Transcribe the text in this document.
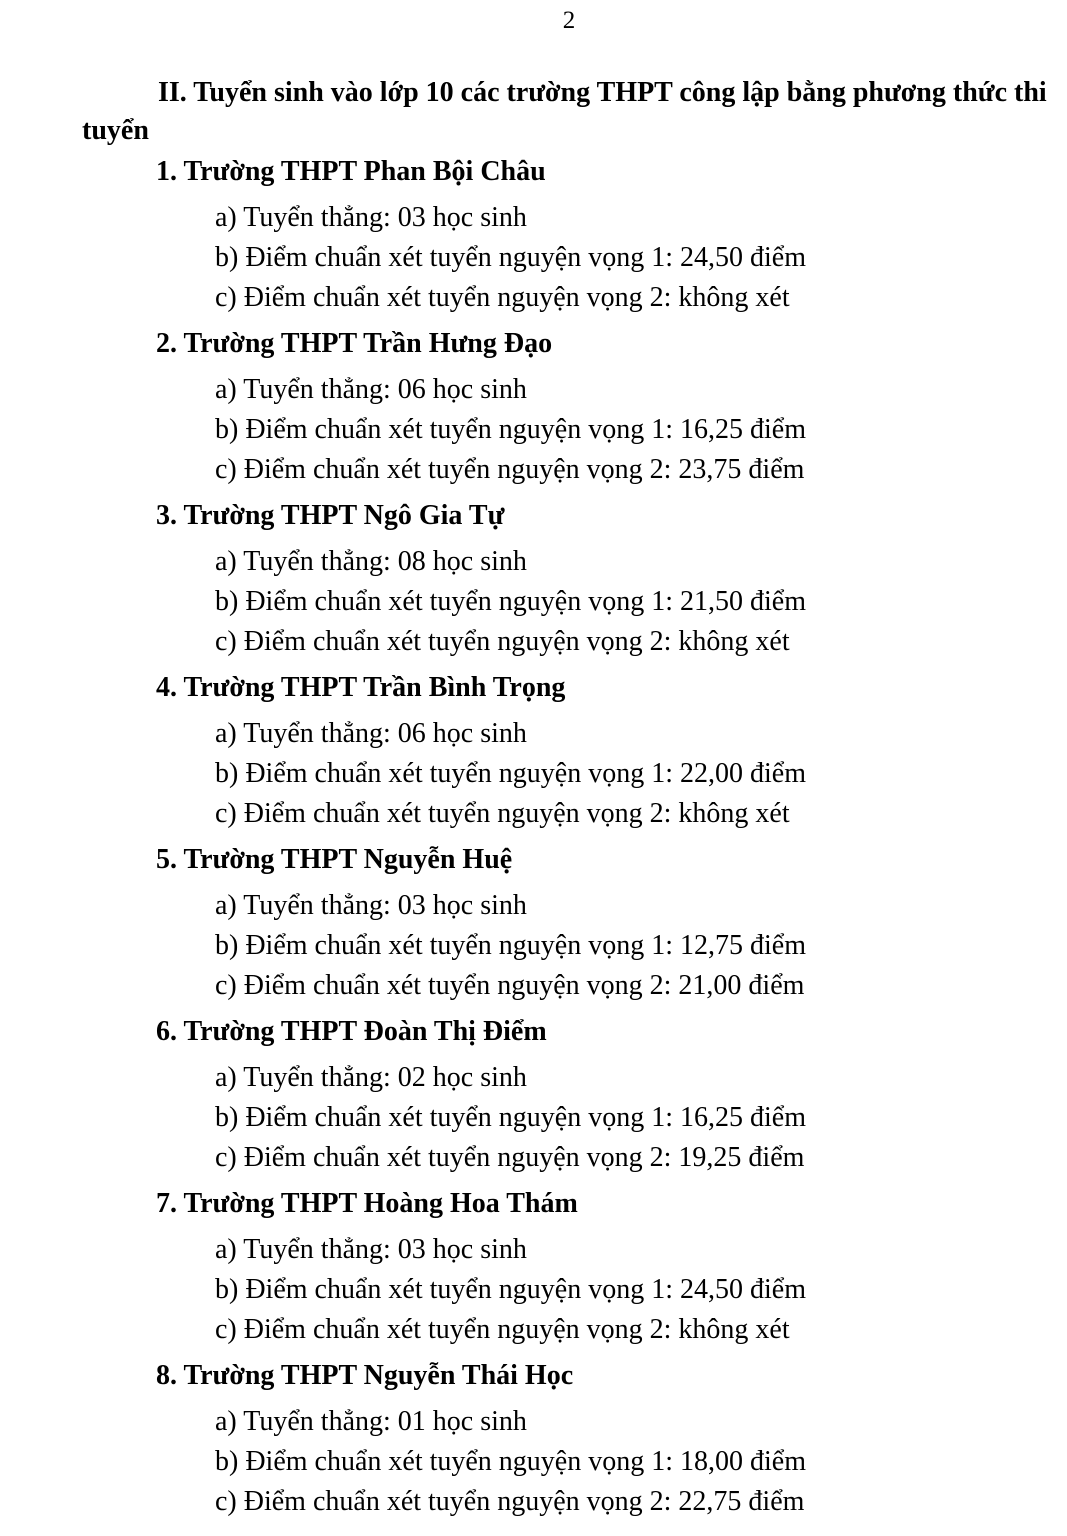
2

II. Tuyển sinh vào lớp 10 các trường THPT công lập bằng phương thức thi tuyển

1. Trường THPT Phan Bội Châu

a) Tuyển thẳng: 03 học sinh

b) Điểm chuẩn xét tuyển nguyện vọng 1: 24,50 điểm

c) Điểm chuẩn xét tuyển nguyện vọng 2: không xét

2. Trường THPT Trần Hưng Đạo

a) Tuyển thẳng: 06 học sinh

b) Điểm chuẩn xét tuyển nguyện vọng 1: 16,25 điểm

c) Điểm chuẩn xét tuyển nguyện vọng 2: 23,75 điểm

3. Trường THPT Ngô Gia Tự

a) Tuyển thẳng: 08 học sinh

b) Điểm chuẩn xét tuyển nguyện vọng 1: 21,50 điểm

c) Điểm chuẩn xét tuyển nguyện vọng 2: không xét

4. Trường THPT Trần Bình Trọng

a) Tuyển thẳng: 06 học sinh

b) Điểm chuẩn xét tuyển nguyện vọng 1: 22,00 điểm

c) Điểm chuẩn xét tuyển nguyện vọng 2: không xét

5. Trường THPT Nguyễn Huệ

a) Tuyển thẳng: 03 học sinh

b) Điểm chuẩn xét tuyển nguyện vọng 1: 12,75 điểm

c) Điểm chuẩn xét tuyển nguyện vọng 2: 21,00 điểm

6. Trường THPT Đoàn Thị Điểm

a) Tuyển thẳng: 02 học sinh

b) Điểm chuẩn xét tuyển nguyện vọng 1: 16,25 điểm

c) Điểm chuẩn xét tuyển nguyện vọng 2: 19,25 điểm

7. Trường THPT Hoàng Hoa Thám

a) Tuyển thẳng: 03 học sinh

b) Điểm chuẩn xét tuyển nguyện vọng 1: 24,50 điểm

c) Điểm chuẩn xét tuyển nguyện vọng 2: không xét

8. Trường THPT Nguyễn Thái Học

a) Tuyển thẳng: 01 học sinh

b) Điểm chuẩn xét tuyển nguyện vọng 1: 18,00 điểm

c) Điểm chuẩn xét tuyển nguyện vọng 2: 22,75 điểm
